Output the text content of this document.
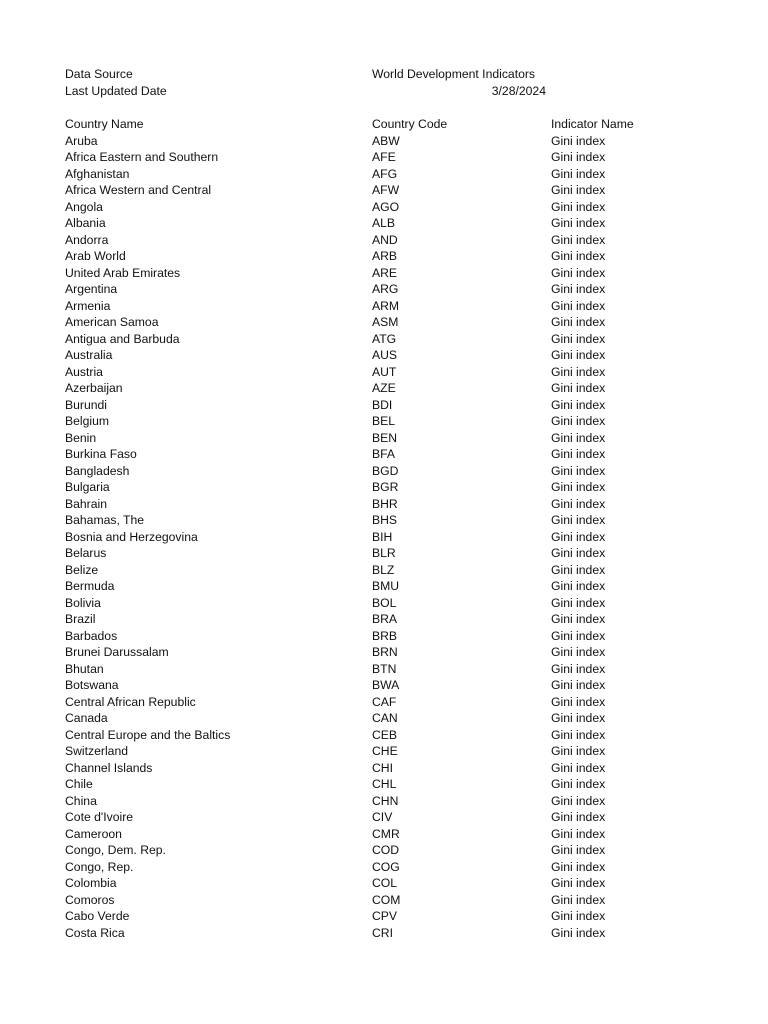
Data Source	World Development Indicators
Last Updated Date	3/28/2024
Country Name	Country Code	Indicator Name
Aruba	ABW	Gini index
Africa Eastern and Southern	AFE	Gini index
Afghanistan	AFG	Gini index
Africa Western and Central	AFW	Gini index
Angola	AGO	Gini index
Albania	ALB	Gini index
Andorra	AND	Gini index
Arab World	ARB	Gini index
United Arab Emirates	ARE	Gini index
Argentina	ARG	Gini index
Armenia	ARM	Gini index
American Samoa	ASM	Gini index
Antigua and Barbuda	ATG	Gini index
Australia	AUS	Gini index
Austria	AUT	Gini index
Azerbaijan	AZE	Gini index
Burundi	BDI	Gini index
Belgium	BEL	Gini index
Benin	BEN	Gini index
Burkina Faso	BFA	Gini index
Bangladesh	BGD	Gini index
Bulgaria	BGR	Gini index
Bahrain	BHR	Gini index
Bahamas, The	BHS	Gini index
Bosnia and Herzegovina	BIH	Gini index
Belarus	BLR	Gini index
Belize	BLZ	Gini index
Bermuda	BMU	Gini index
Bolivia	BOL	Gini index
Brazil	BRA	Gini index
Barbados	BRB	Gini index
Brunei Darussalam	BRN	Gini index
Bhutan	BTN	Gini index
Botswana	BWA	Gini index
Central African Republic	CAF	Gini index
Canada	CAN	Gini index
Central Europe and the Baltics	CEB	Gini index
Switzerland	CHE	Gini index
Channel Islands	CHI	Gini index
Chile	CHL	Gini index
China	CHN	Gini index
Cote d'Ivoire	CIV	Gini index
Cameroon	CMR	Gini index
Congo, Dem. Rep.	COD	Gini index
Congo, Rep.	COG	Gini index
Colombia	COL	Gini index
Comoros	COM	Gini index
Cabo Verde	CPV	Gini index
Costa Rica	CRI	Gini index
